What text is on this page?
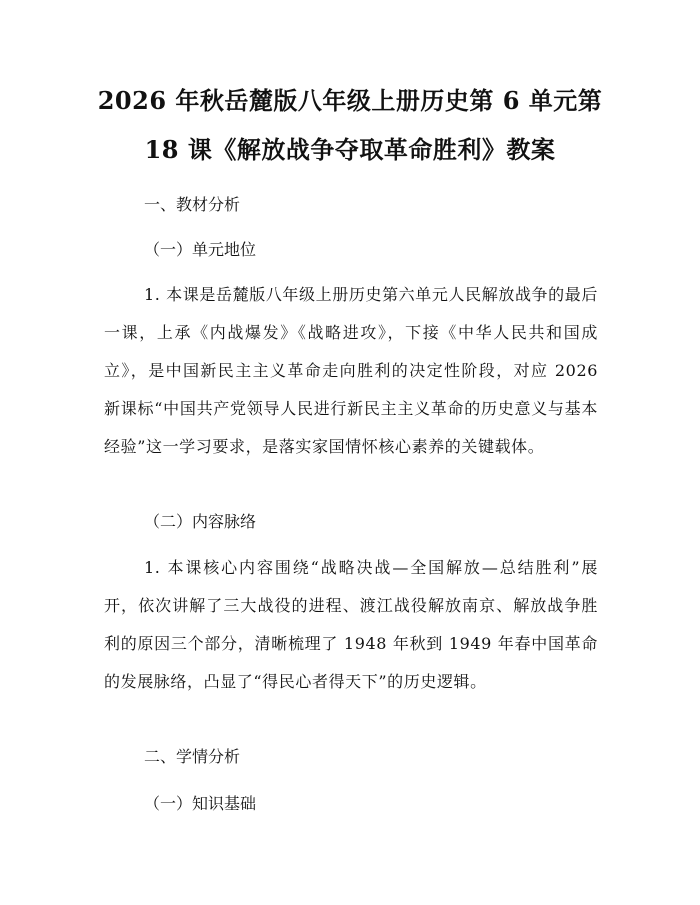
2026 年秋岳麓版八年级上册历史第 6 单元第
18 课《解放战争夺取革命胜利》教案
一、教材分析
（一）单元地位

1. 本课是岳麓版八年级上册历史第六单元人民解放战争的最后一课，上承《内战爆发》《战略进攻》，下接《中华人民共和国成立》，是中国新民主主义革命走向胜利的决定性阶段，对应 2026 新课标“中国共产党领导人民进行新民主主义革命的历史意义与基本经验”这一学习要求，是落实家国情怀核心素养的关键载体。

（二）内容脉络

1. 本课核心内容围绕“战略决战—全国解放—总结胜利”展开，依次讲解了三大战役的进程、渡江战役解放南京、解放战争胜利的原因三个部分，清晰梳理了 1948 年秋到 1949 年春中国革命的发展脉络，凸显了“得民心者得天下”的历史逻辑。

二、学情分析
（一）知识基础
